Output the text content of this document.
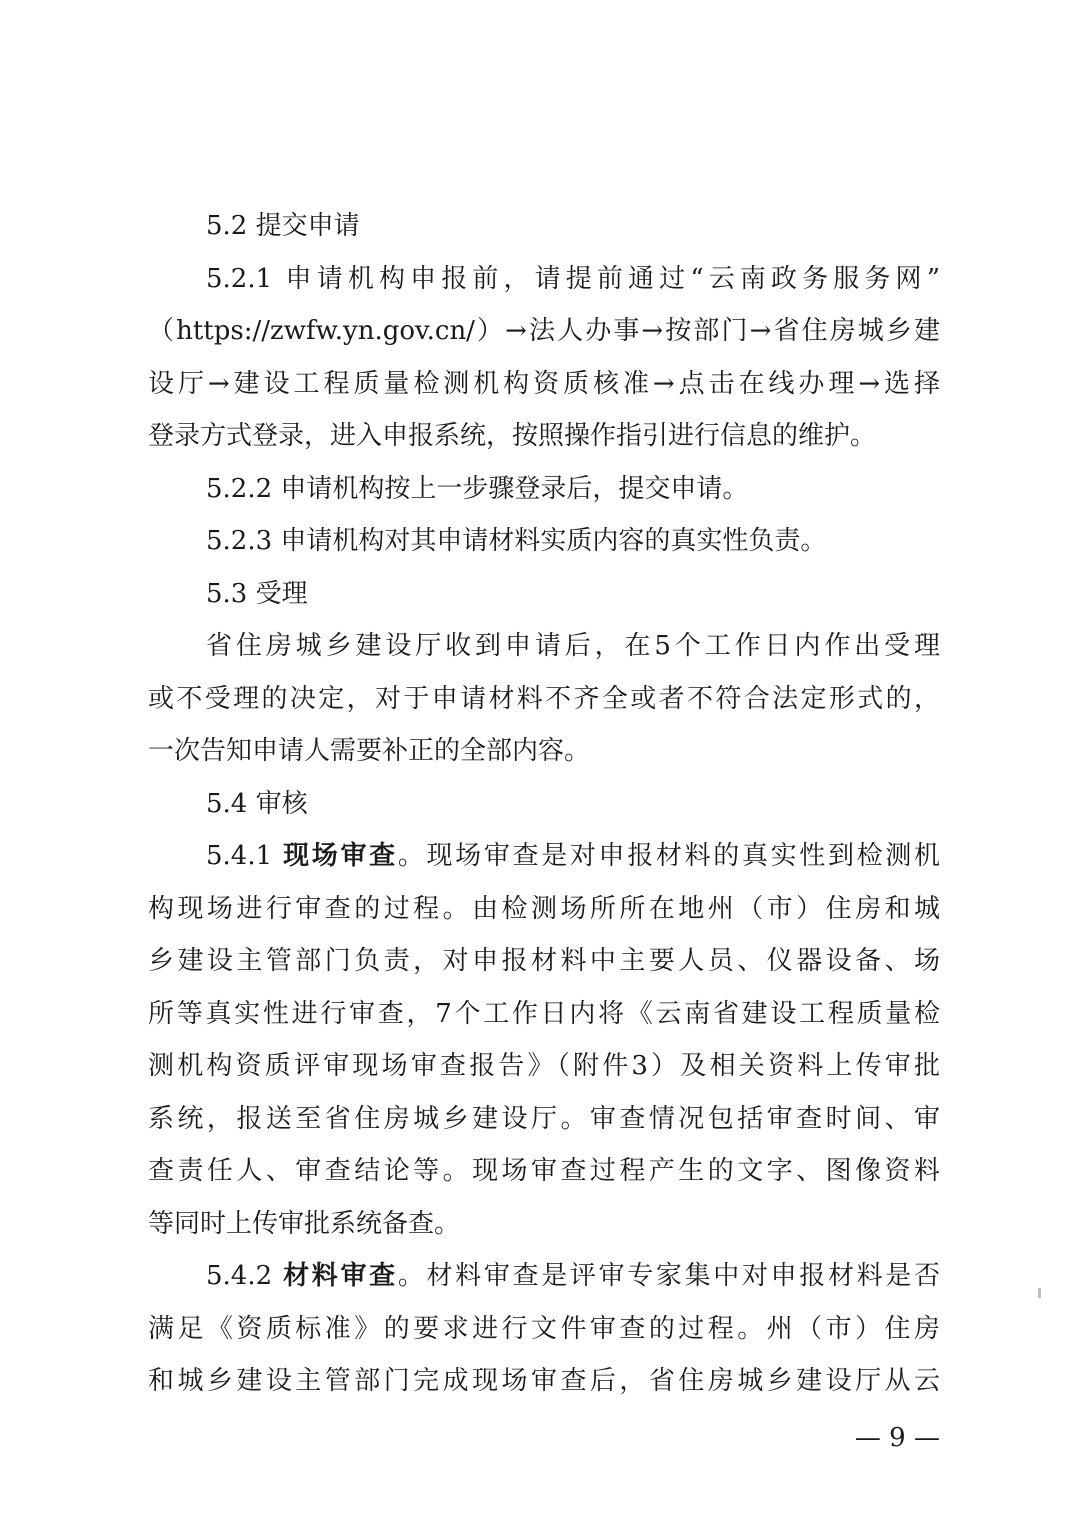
5.2 提交申请
5.2.1 申请机构申报前，请提前通过“云南政务服务网”
（https://zwfw.yn.gov.cn/）→法人办事→按部门→省住房城乡建
设厅→建设工程质量检测机构资质核准→点击在线办理→选择
登录方式登录，进入申报系统，按照操作指引进行信息的维护。
5.2.2 申请机构按上一步骤登录后，提交申请。
5.2.3 申请机构对其申请材料实质内容的真实性负责。
5.3 受理
省住房城乡建设厅收到申请后，在5个工作日内作出受理
或不受理的决定，对于申请材料不齐全或者不符合法定形式的，
一次告知申请人需要补正的全部内容。
5.4 审核
5.4.1 现场审查。现场审查是对申报材料的真实性到检测机
构现场进行审查的过程。由检测场所所在地州（市）住房和城
乡建设主管部门负责，对申报材料中主要人员、仪器设备、场
所等真实性进行审查，7个工作日内将《云南省建设工程质量检
测机构资质评审现场审查报告》（附件3）及相关资料上传审批
系统，报送至省住房城乡建设厅。审查情况包括审查时间、审
查责任人、审查结论等。现场审查过程产生的文字、图像资料
等同时上传审批系统备查。
5.4.2 材料审查。材料审查是评审专家集中对申报材料是否
满足《资质标准》的要求进行文件审查的过程。州（市）住房
和城乡建设主管部门完成现场审查后，省住房城乡建设厅从云
— 9 —
